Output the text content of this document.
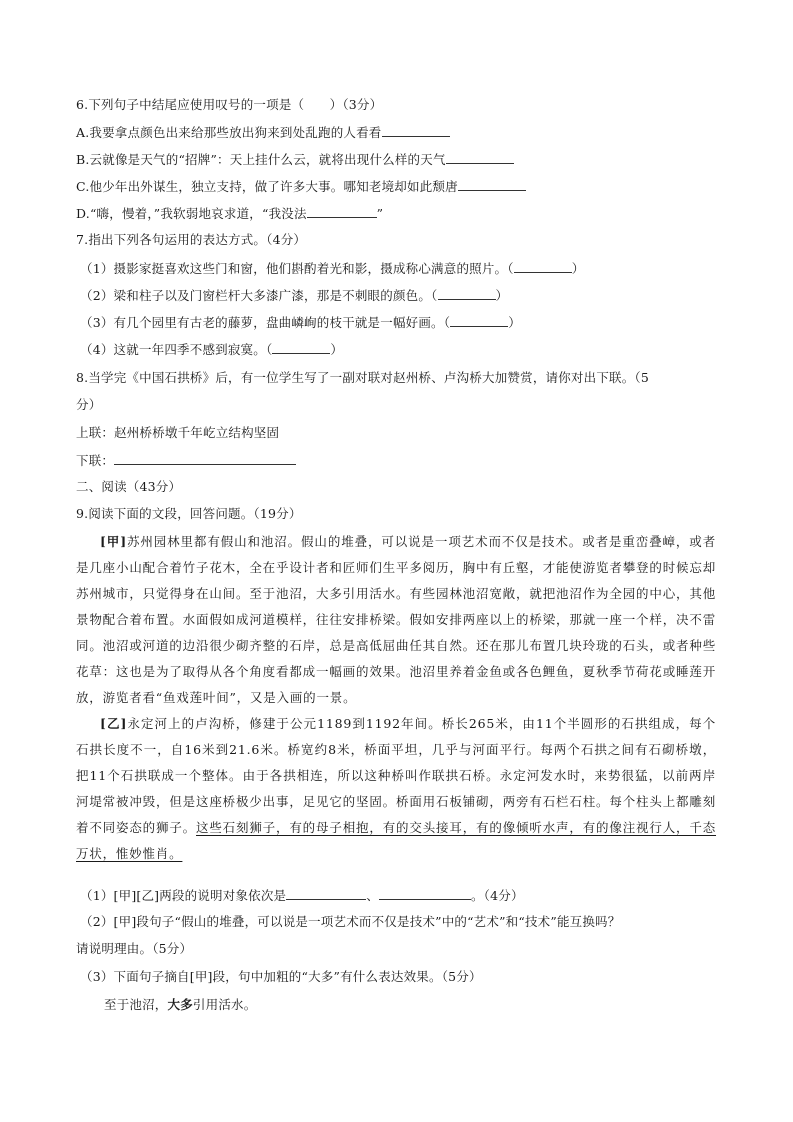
6.下列句子中结尾应使用叹号的一项是（　　）（3分）
A.我要拿点颜色出来给那些放出狗来到处乱跑的人看看
B.云就像是天气的“招牌”：天上挂什么云，就将出现什么样的天气
C.他少年出外谋生，独立支持，做了许多大事。哪知老境却如此颓唐
D.“嗨，慢着，”我软弱地哀求道，“我没法	”
7.指出下列各句运用的表达方式。（4分）
（1）摄影家挺喜欢这些门和窗，他们斟酌着光和影，摄成称心满意的照片。（	）
（2）梁和柱子以及门窗栏杆大多漆广漆，那是不刺眼的颜色。（	）
（3）有几个园里有古老的藤萝，盘曲嶙峋的枝干就是一幅好画。（	）
（4）这就一年四季不感到寂寞。（	）
8.当学完《中国石拱桥》后，有一位学生写了一副对联对赵州桥、卢沟桥大加赞赏，请你对出下联。（5
分）
上联：赵州桥桥墩千年屹立结构坚固
下联：
二、阅读（43分）
9.阅读下面的文段，回答问题。（19分）

[甲]苏州园林里都有假山和池沼。假山的堆叠，可以说是一项艺术而不仅是技术。或者是重峦叠嶂，或者是几座小山配合着竹子花木，全在乎设计者和匠师们生平多阅历，胸中有丘壑，才能使游览者攀登的时候忘却苏州城市，只觉得身在山间。至于池沼，大多引用活水。有些园林池沼宽敞，就把池沼作为全园的中心，其他景物配合着布置。水面假如成河道模样，往往安排桥梁。假如安排两座以上的桥梁，那就一座一个样，决不雷同。池沼或河道的边沿很少砌齐整的石岸，总是高低屈曲任其自然。还在那儿布置几块玲珑的石头，或者种些花草：这也是为了取得从各个角度看都成一幅画的效果。池沼里养着金鱼或各色鲤鱼，夏秋季节荷花或睡莲开放，游览者看“鱼戏莲叶间”，又是入画的一景。

[乙]永定河上的卢沟桥，修建于公元1189到1192年间。桥长265米，由11个半圆形的石拱组成，每个石拱长度不一，自16米到21.6米。桥宽约8米，桥面平坦，几乎与河面平行。每两个石拱之间有石砌桥墩，把11个石拱联成一个整体。由于各拱相连，所以这种桥叫作联拱石桥。永定河发水时，来势很猛，以前两岸河堤常被冲毁，但是这座桥极少出事，足见它的坚固。桥面用石板铺砌，两旁有石栏石柱。每个柱头上都雕刻着不同姿态的狮子。这些石刻狮子，有的母子相抱，有的交头接耳，有的像倾听水声，有的像注视行人，千态万状，惟妙惟肖。

（1）[甲][乙]两段的说明对象依次是	、	。（4分）
（2）[甲]段句子“假山的堆叠，可以说是一项艺术而不仅是技术”中的“艺术”和“技术”能互换吗？
请说明理由。（5分）
（3）下面句子摘自[甲]段，句中加粗的“大多”有什么表达效果。（5分）
至于池沼，大多引用活水。
